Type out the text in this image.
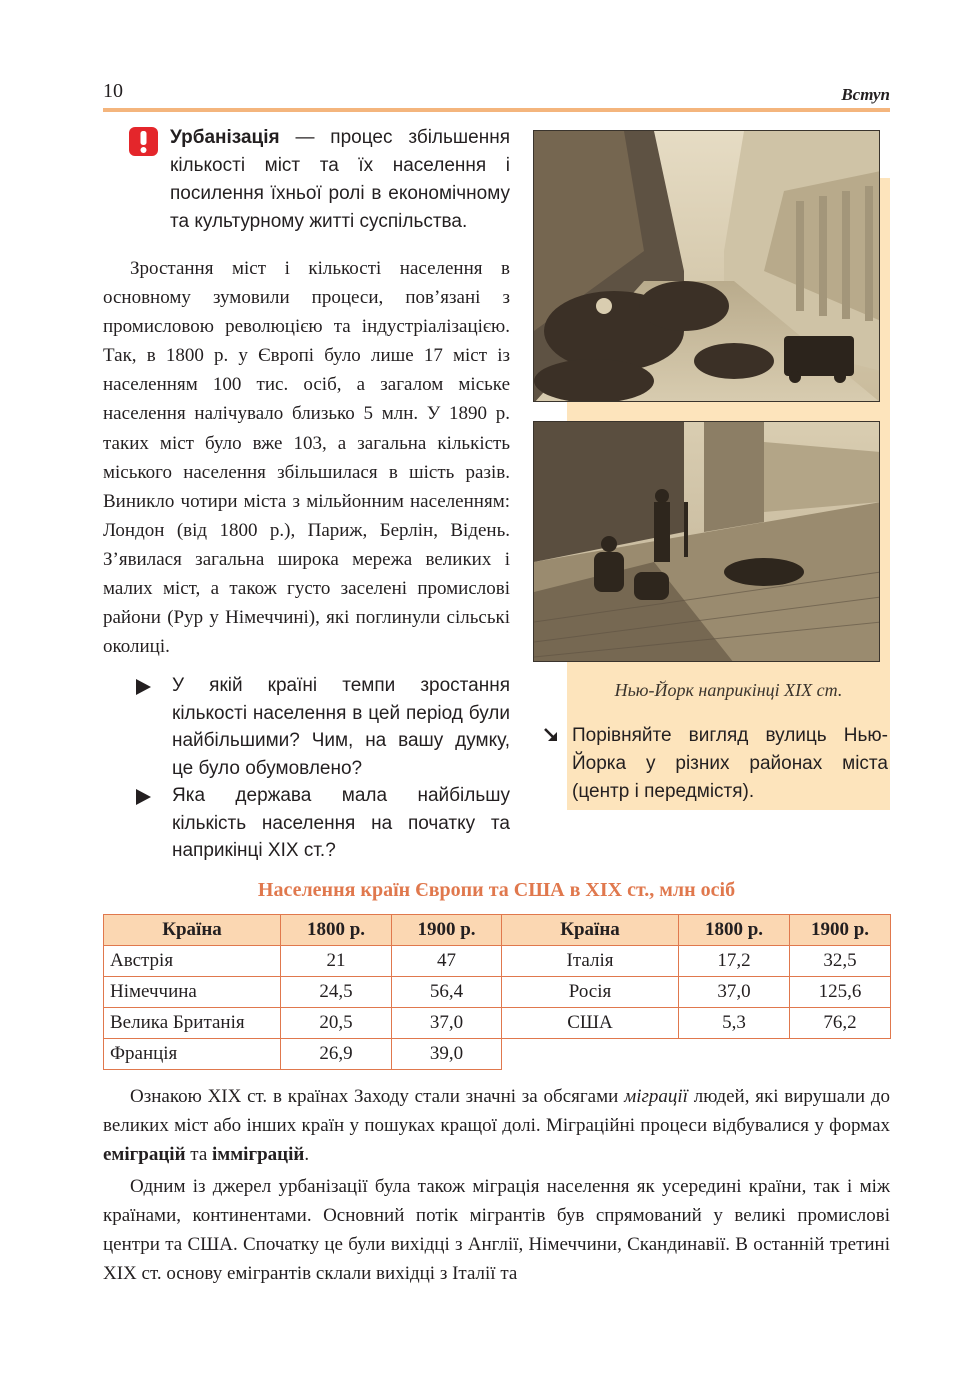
10	Вступ
Урбанізація — процес збільшення кількості міст та їх населення і посилення їхньої ролі в економічному та культурному житті суспільства.
Зростання міст і кількості населення в основному зумовили процеси, пов’язані з промисловою революцією та індустріалізацією. Так, в 1800 р. у Європі було лише 17 міст із населенням 100 тис. осіб, а загалом міське населення налічувало близько 5 млн. У 1890 р. таких міст було вже 103, а загальна кількість міського населення збільшилася в шість разів. Виникло чотири міста з мільйонним населенням: Лондон (від 1800 р.), Париж, Берлін, Відень. З’явилася загальна широка мережа великих і малих міст, а також густо заселені промислові райони (Рур у Німеччині), які поглинули сільські околиці.
У якій країні темпи зростання кількості населення в цей період були найбільшими? Чим, на вашу думку, це було обумовлено?
Яка держава мала найбільшу кількість населення на початку та наприкінці XIX ст.?
Нью-Йорк наприкінці XIX ст.
Порівняйте вигляд вулиць Нью-Йорка у різних районах міста (центр і передмістя).
Населення країн Європи та США в XIX ст., млн осіб
Країна	1800 р.	1900 р.	Країна	1800 р.	1900 р.
Австрія	21	47	Італія	17,2	32,5
Німеччина	24,5	56,4	Росія	37,0	125,6
Велика Британія	20,5	37,0	США	5,3	76,2
Франція	26,9	39,0			

Ознакою XIX ст. в країнах Заходу стали значні за обсягами міграції людей, які вирушали до великих міст або інших країн у пошуках кращої долі. Міграційні процеси відбувалися у формах еміграцій та іммiграцій.

Одним із джерел урбанізації була також міграція населення як усередині країни, так і між країнами, континентами. Основний потік мігрантів був спрямований у великі промислові центри та США. Спочатку це були вихідці з Англії, Німеччини, Скандинавії. В останній третині XIX ст. основу емігрантів склали вихідці з Італії та
